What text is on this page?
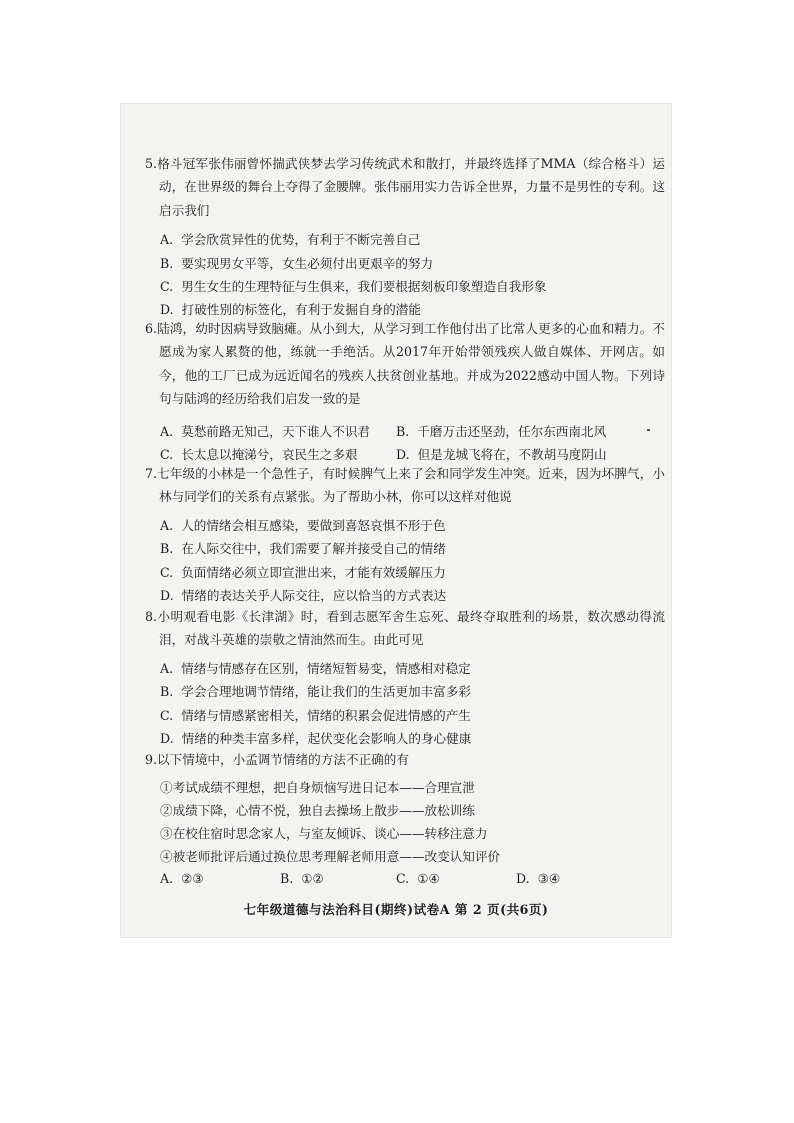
5.格斗冠军张伟丽曾怀揣武侠梦去学习传统武术和散打，并最终选择了MMA（综合格斗）运动，在世界级的舞台上夺得了金腰牌。张伟丽用实力告诉全世界，力量不是男性的专利。这启示我们

A. 学会欣赏异性的优势，有利于不断完善自己
B. 要实现男女平等，女生必须付出更艰辛的努力
C. 男生女生的生理特征与生俱来，我们要根据刻板印象塑造自我形象
D. 打破性别的标签化，有利于发掘自身的潜能

6.陆鸿，幼时因病导致脑瘫。从小到大，从学习到工作他付出了比常人更多的心血和精力。不愿成为家人累赘的他，练就一手绝活。从2017年开始带领残疾人做自媒体、开网店。如今，他的工厂已成为远近闻名的残疾人扶贫创业基地。并成为2022感动中国人物。下列诗句与陆鸿的经历给我们启发一致的是

A. 莫愁前路无知己，天下谁人不识君 B. 千磨万击还坚劲，任尔东西南北风
C. 长太息以掩涕兮，哀民生之多艰	D. 但是龙城飞将在，不教胡马度阴山

7.七年级的小林是一个急性子，有时候脾气上来了会和同学发生冲突。近来，因为坏脾气，小林与同学们的关系有点紧张。为了帮助小林，你可以这样对他说

A. 人的情绪会相互感染，要做到喜怒哀惧不形于色
B. 在人际交往中，我们需要了解并接受自己的情绪
C. 负面情绪必须立即宣泄出来，才能有效缓解压力
D. 情绪的表达关乎人际交往，应以恰当的方式表达

8.小明观看电影《长津湖》时，看到志愿军舍生忘死、最终夺取胜利的场景，数次感动得流泪，对战斗英雄的崇敬之情油然而生。由此可见

A. 情绪与情感存在区别，情绪短暂易变，情感相对稳定
B. 学会合理地调节情绪，能让我们的生活更加丰富多彩
C. 情绪与情感紧密相关，情绪的积累会促进情感的产生
D. 情绪的种类丰富多样，起伏变化会影响人的身心健康

9.以下情境中，小孟调节情绪的方法不正确的有

①考试成绩不理想，把自身烦恼写进日记本——合理宣泄
②成绩下降，心情不悦，独自去操场上散步——放松训练
③在校住宿时思念家人，与室友倾诉、谈心——转移注意力
④被老师批评后通过换位思考理解老师用意——改变认知评价
A. ②③	B. ①②	C. ①④	D. ③④
七年级道德与法治科目(期终)试卷A 第 2 页(共6页)
